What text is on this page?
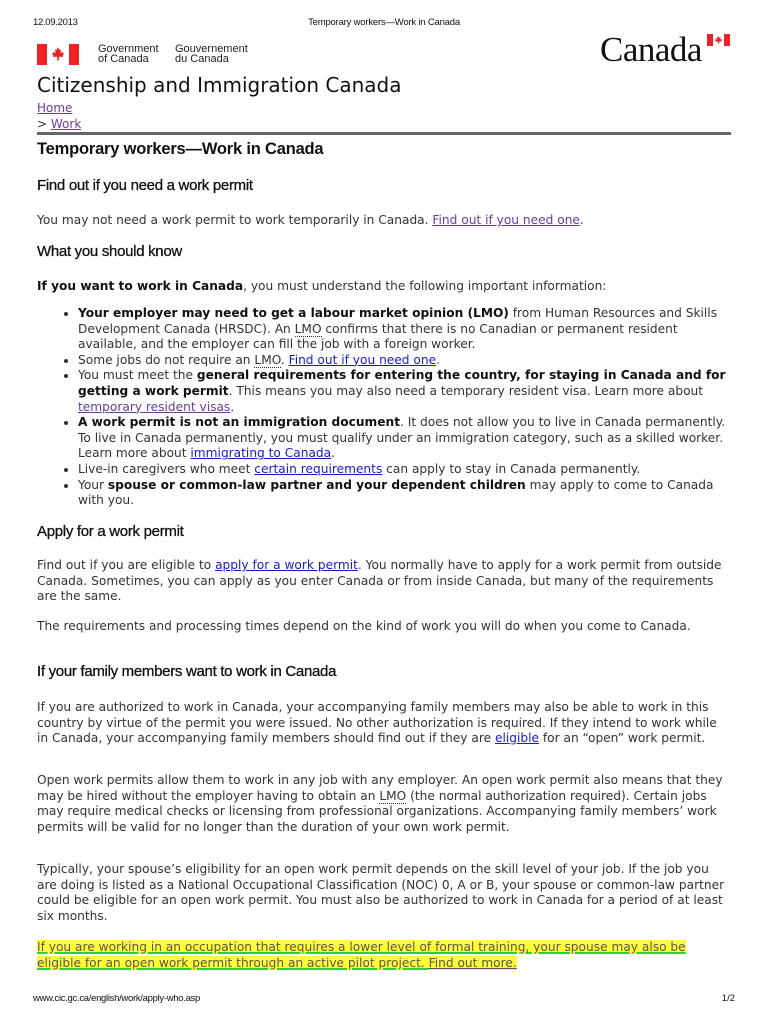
12.09.2013	Temporary workers—Work in Canada
Government
of Canada
Gouvernement
du Canada	Canada
Citizenship and Immigration Canada
Home
> Work
Temporary workers—Work in Canada
Find out if you need a work permit

You may not need a work permit to work temporarily in Canada. Find out if you need one.

What you should know

If you want to work in Canada, you must understand the following important information:

• Your employer may need to get a labour market opinion (LMO) from Human Resources and Skills Development Canada (HRSDC). An LMO confirms that there is no Canadian or permanent resident available, and the employer can fill the job with a foreign worker.
• Some jobs do not require an LMO. Find out if you need one.
• You must meet the general requirements for entering the country, for staying in Canada and for getting a work permit. This means you may also need a temporary resident visa. Learn more about temporary resident visas.
• A work permit is not an immigration document. It does not allow you to live in Canada permanently. To live in Canada permanently, you must qualify under an immigration category, such as a skilled worker. Learn more about immigrating to Canada.
• Live-in caregivers who meet certain requirements can apply to stay in Canada permanently.
• Your spouse or common-law partner and your dependent children may apply to come to Canada with you.
Apply for a work permit

Find out if you are eligible to apply for a work permit. You normally have to apply for a work permit from outside Canada. Sometimes, you can apply as you enter Canada or from inside Canada, but many of the requirements are the same.

The requirements and processing times depend on the kind of work you will do when you come to Canada.

If your family members want to work in Canada

If you are authorized to work in Canada, your accompanying family members may also be able to work in this country by virtue of the permit you were issued. No other authorization is required. If they intend to work while in Canada, your accompanying family members should find out if they are eligible for an “open” work permit.

Open work permits allow them to work in any job with any employer. An open work permit also means that they may be hired without the employer having to obtain an LMO (the normal authorization required). Certain jobs may require medical checks or licensing from professional organizations. Accompanying family members’ work permits will be valid for no longer than the duration of your own work permit.

Typically, your spouse’s eligibility for an open work permit depends on the skill level of your job. If the job you are doing is listed as a National Occupational Classification (NOC) 0, A or B, your spouse or common-law partner could be eligible for an open work permit. You must also be authorized to work in Canada for a period of at least six months.

If you are working in an occupation that requires a lower level of formal training, your spouse may also be eligible for an open work permit through an active pilot project. Find out more.

www.cic.gc.ca/english/work/apply-who.asp	1/2
